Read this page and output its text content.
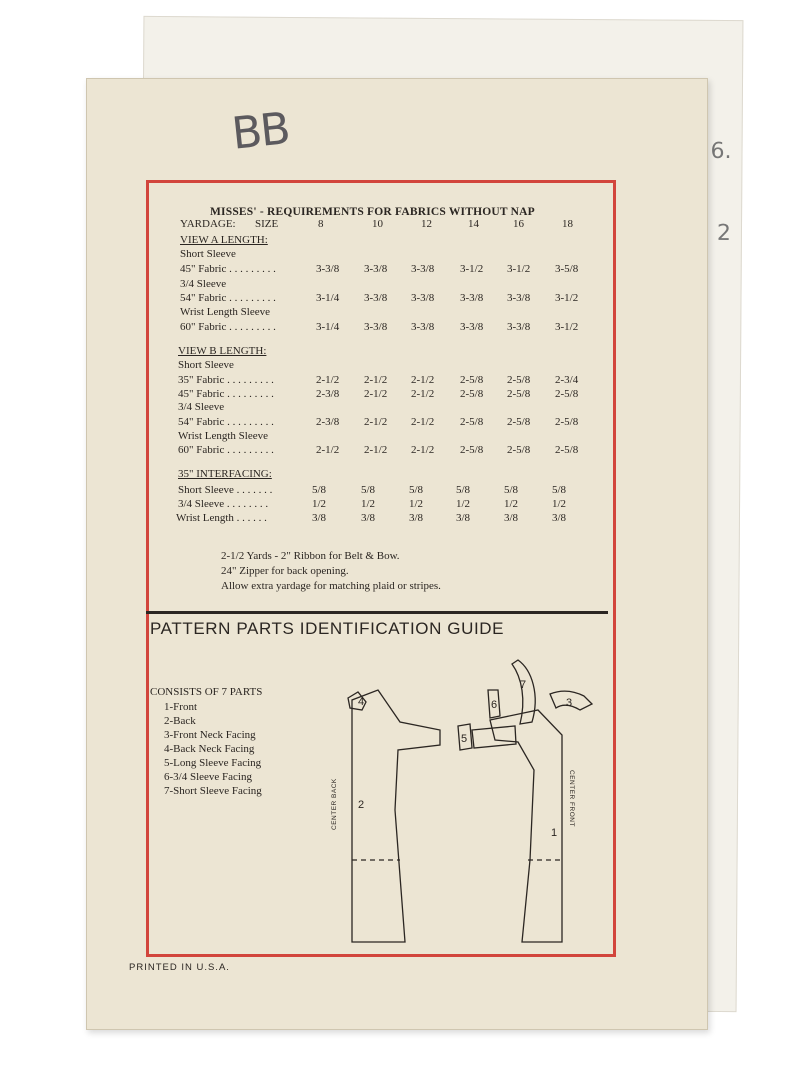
6.
2
BB
MISSES' - REQUIREMENTS FOR FABRICS WITHOUT NAP
YARDAGE: SIZE	8	10	12	14	16	18
VIEW A LENGTH:
Short Sleeve
45" Fabric . . . . . . . . .	3-3/8 3-3/8 3-3/8 3-1/2 3-1/2 3-5/8
3/4 Sleeve
54" Fabric . . . . . . . . .	3-1/4 3-3/8 3-3/8 3-3/8 3-3/8 3-1/2
Wrist Length Sleeve
60" Fabric . . . . . . . . .	3-1/4 3-3/8 3-3/8 3-3/8 3-3/8 3-1/2
VIEW B LENGTH:
Short Sleeve
35" Fabric . . . . . . . . .	2-1/2 2-1/2 2-1/2 2-5/8 2-5/8 2-3/4
45" Fabric . . . . . . . . .	2-3/8 2-1/2 2-1/2 2-5/8 2-5/8 2-5/8
3/4 Sleeve
54" Fabric . . . . . . . . .	2-3/8 2-1/2 2-1/2 2-5/8 2-5/8 2-5/8
Wrist Length Sleeve
60" Fabric . . . . . . . . .	2-1/2 2-1/2 2-1/2 2-5/8 2-5/8 2-5/8
35" INTERFACING:
Short Sleeve . . . . . . .	5/8	5/8	5/8	5/8	5/8	5/8
3/4 Sleeve . . . . . . . .	1/2	1/2	1/2	1/2	1/2	1/2
Wrist Length . . . . . .	3/8	3/8	3/8	3/8	3/8	3/8
2-1/2 Yards - 2" Ribbon for Belt & Bow.
24" Zipper for back opening.
Allow extra yardage for matching plaid or stripes.
PATTERN PARTS IDENTIFICATION GUIDE
CONSISTS OF 7 PARTS
1-Front
2-Back
3-Front Neck Facing
4-Back Neck Facing
5-Long Sleeve Facing
6-3/4 Sleeve Facing
7-Short Sleeve Facing
4
2
1
5
6
7
3
CENTER BACK	CENTER FRONT
PRINTED IN U.S.A.
